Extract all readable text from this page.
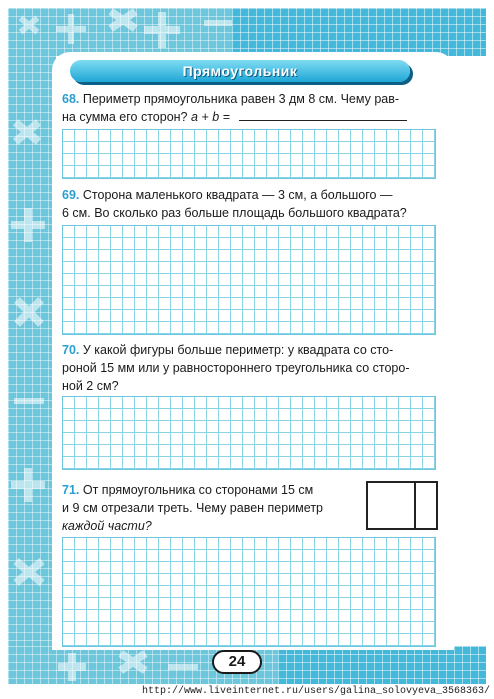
Прямоугольник

68. Периметр прямоугольника равен 3 дм 8 см. Чему рав-
на сумма его сторон? a + b =

69. Сторона маленького квадрата — 3 см, а большого —
6 см. Во сколько раз больше площадь большого квадрата?

70. У какой фигуры больше периметр: у квадрата со сто-
роной 15 мм или у равностороннего треугольника со сторо-
ной 2 см?

71. От прямоугольника со сторонами 15 см
и 9 см отрезали треть. Чему равен периметр
каждой части?

24
http://www.liveinternet.ru/users/galina_solovyeva_3568363/
